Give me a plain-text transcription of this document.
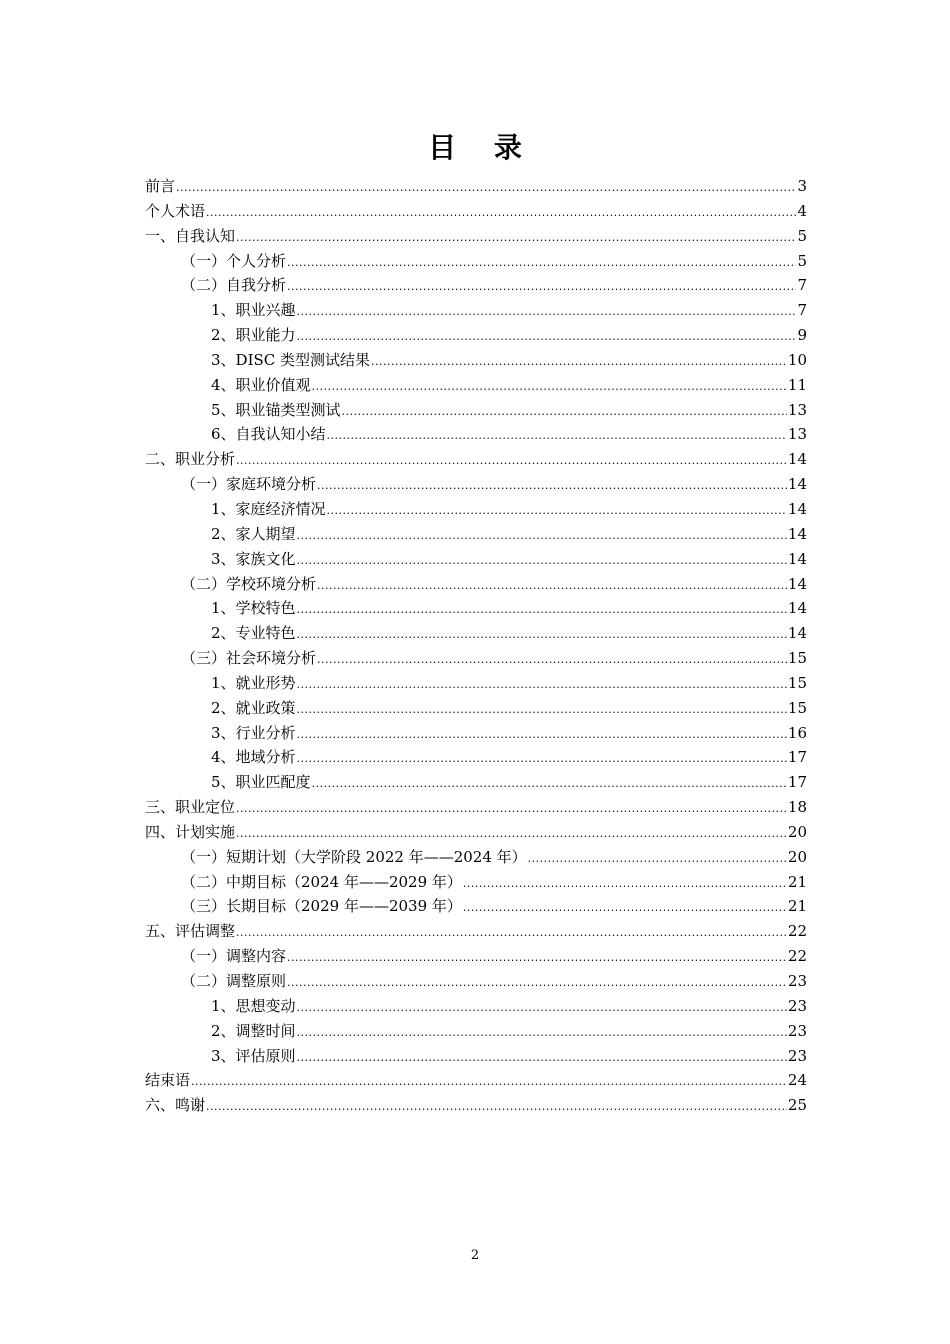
目 录
前言 .....	3
个人术语 .....	4
一、自我认知 .....	5
（一）个人分析 .....	5
（二）自我分析 .....	7
1、职业兴趣 .....	7
2、职业能力 .....	9
3、DISC 类型测试结果 .....	10
4、职业价值观 .....	11
5、职业锚类型测试 .....	13
6、自我认知小结 .....	13
二、职业分析 .....	14
（一）家庭环境分析 .....	14
1、家庭经济情况 .....	14
2、家人期望 .....	14
3、家族文化 .....	14
（二）学校环境分析 .....	14
1、学校特色 .....	14
2、专业特色 .....	14
（三）社会环境分析 .....	15
1、就业形势 .....	15
2、就业政策 .....	15
3、行业分析 .....	16
4、地域分析 .....	17
5、职业匹配度 .....	17
三、职业定位 .....	18
四、计划实施 .....	20
（一）短期计划（大学阶段 2022 年——2024 年） .....	20
（二）中期目标（2024 年——2029 年） .....	21
（三）长期目标（2029 年——2039 年） .....	21
五、评估调整 .....	22
（一）调整内容 .....	22
（二）调整原则 .....	23
1、思想变动 .....	23
2、调整时间 .....	23
3、评估原则 .....	23
结束语 .....	24
六、鸣谢 .....	25
2
